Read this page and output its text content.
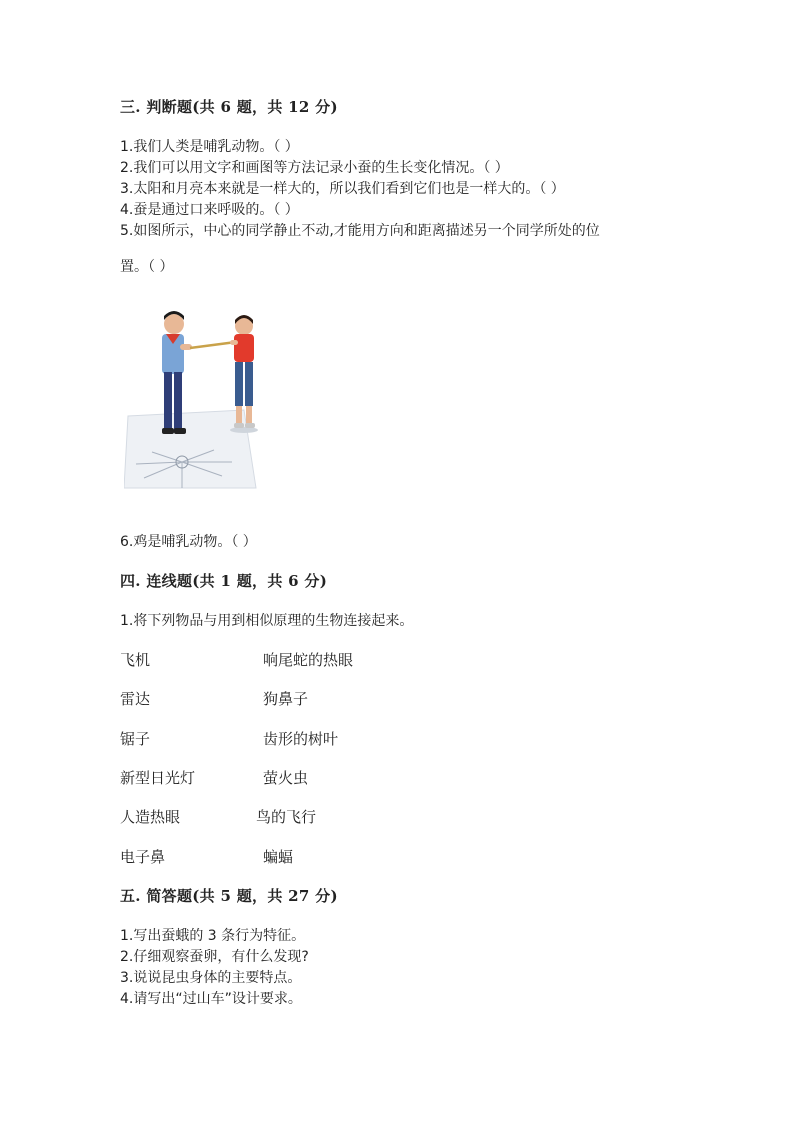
三. 判断题(共 6 题，共 12 分)
1.我们人类是哺乳动物。（ ）
2.我们可以用文字和画图等方法记录小蚕的生长变化情况。（ ）
3.太阳和月亮本来就是一样大的，所以我们看到它们也是一样大的。（ ）
4.蚕是通过口来呼吸的。（ ）
5.如图所示，中心的同学静止不动,才能用方向和距离描述另一个同学所处的位
置。（ ）
6.鸡是哺乳动物。（ ）
四. 连线题(共 1 题，共 6 分)
1.将下列物品与用到相似原理的生物连接起来。
飞机	响尾蛇的热眼
雷达	狗鼻子
锯子	齿形的树叶
新型日光灯	萤火虫
人造热眼	鸟的飞行
电子鼻	蝙蝠
五. 简答题(共 5 题，共 27 分)
1.写出蚕蛾的 3 条行为特征。
2.仔细观察蚕卵，有什么发现?
3.说说昆虫身体的主要特点。
4.请写出“过山车”设计要求。
